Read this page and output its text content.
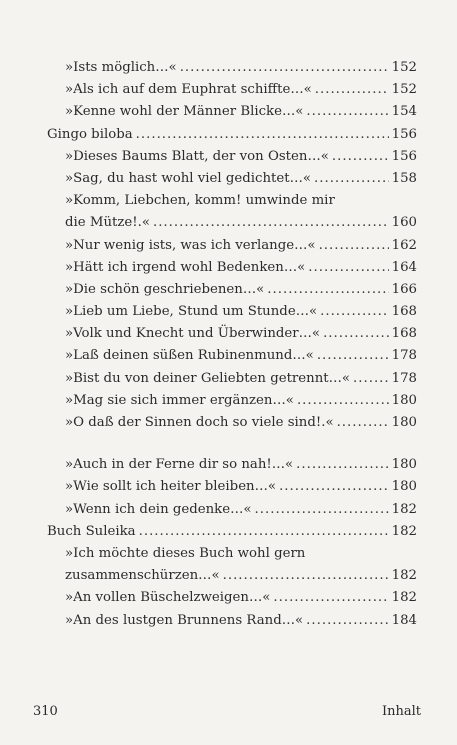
»Ists möglich…« .....	152
»Als ich auf dem Euphrat schiffte…« .....	152
»Kenne wohl der Männer Blicke…« .....	154
Gingo biloba .....	156
»Dieses Baums Blatt, der von Osten…« .....	156
»Sag, du hast wohl viel gedichtet…« .....	158
»Komm, Liebchen, komm! umwinde mir
die Mütze!.« .....	160
»Nur wenig ists, was ich verlange…« .....	162
»Hätt ich irgend wohl Bedenken…« .....	164
»Die schön geschriebenen…« .....	166
»Lieb um Liebe, Stund um Stunde…« .....	168
»Volk und Knecht und Überwinder…« .....	168
»Laß deinen süßen Rubinenmund…« .....	178
»Bist du von deiner Geliebten getrennt…« .....	178
»Mag sie sich immer ergänzen…« .....	180
»O daß der Sinnen doch so viele sind!.« .....	180
»Auch in der Ferne dir so nah!…« .....	180
»Wie sollt ich heiter bleiben…« .....	180
»Wenn ich dein gedenke…« .....	182
Buch Suleika .....	182
»Ich möchte dieses Buch wohl gern
zusammenschürzen…« .....	182
»An vollen Büschelzweigen…« .....	182
»An des lustgen Brunnens Rand…« .....	184
310	Inhalt
